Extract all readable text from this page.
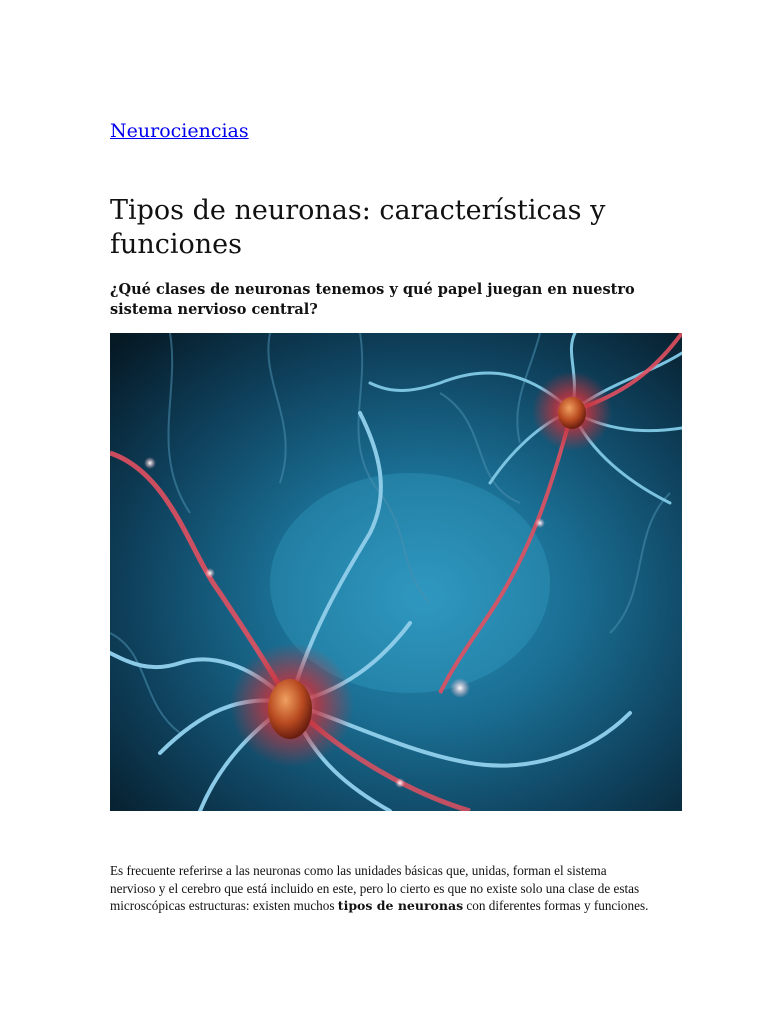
Neurociencias
Tipos de neuronas: características y funciones

¿Qué clases de neuronas tenemos y qué papel juegan en nuestro sistema nervioso central?

Es frecuente referirse a las neuronas como las unidades básicas que, unidas, forman el sistema nervioso y el cerebro que está incluido en este, pero lo cierto es que no existe solo una clase de estas microscópicas estructuras: existen muchos tipos de neuronas con diferentes formas y funciones.
